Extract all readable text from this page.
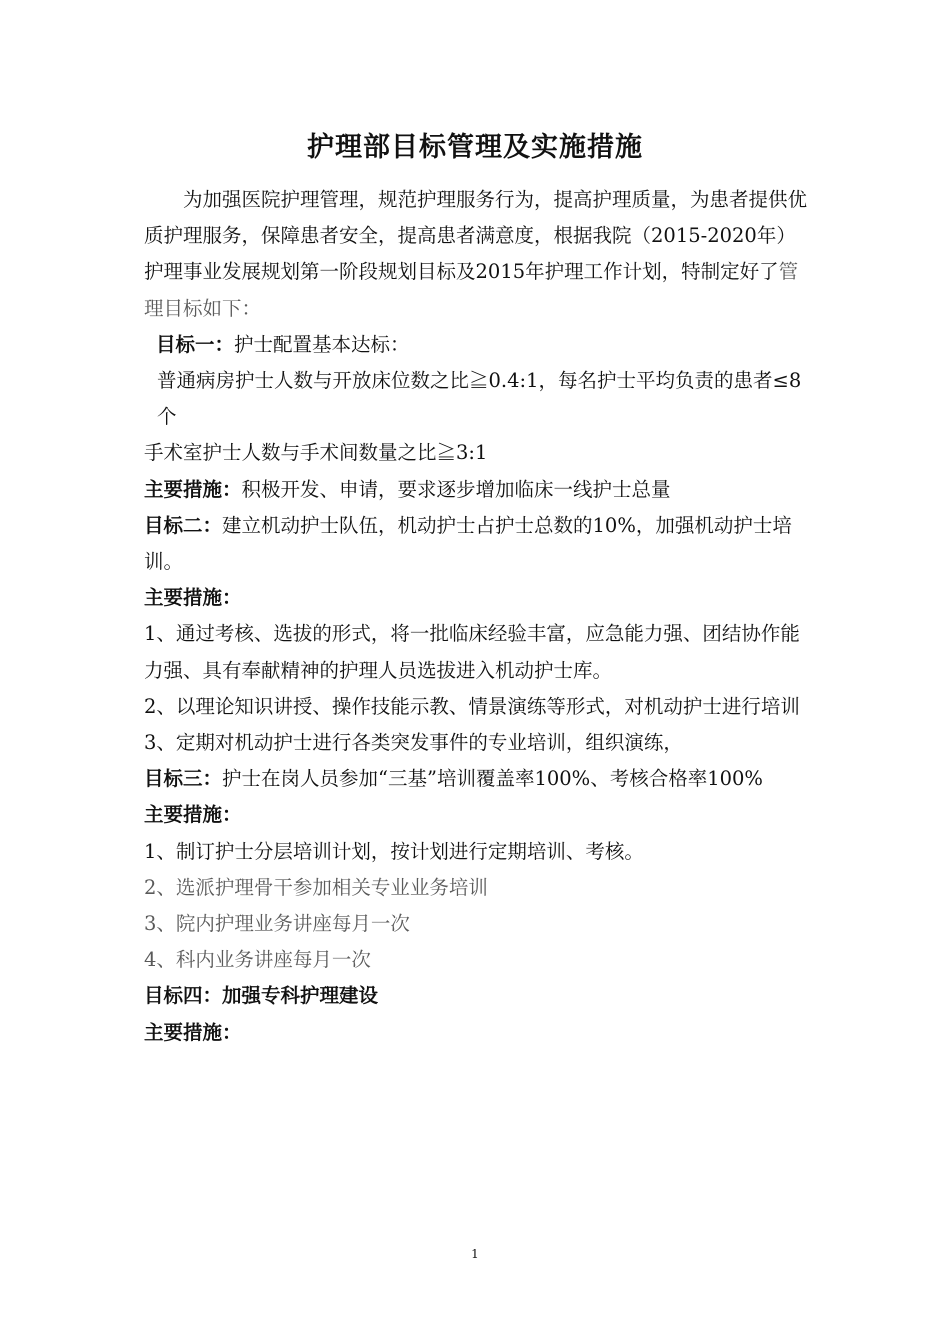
护理部目标管理及实施措施

为加强医院护理管理，规范护理服务行为，提高护理质量，为患者提供优质护理服务，保障患者安全，提高患者满意度，根据我院（2015-2020年）护理事业发展规划第一阶段规划目标及2015年护理工作计划，特制定好了管理目标如下：

目标一：护士配置基本达标：

普通病房护士人数与开放床位数之比≧0.4:1，每名护士平均负责的患者≤8个

手术室护士人数与手术间数量之比≧3:1

主要措施：积极开发、申请，要求逐步增加临床一线护士总量

目标二：建立机动护士队伍，机动护士占护士总数的10%，加强机动护士培训。

主要措施：

1、通过考核、选拔的形式，将一批临床经验丰富，应急能力强、团结协作能力强、具有奉献精神的护理人员选拔进入机动护士库。

2、以理论知识讲授、操作技能示教、情景演练等形式，对机动护士进行培训

3、定期对机动护士进行各类突发事件的专业培训，组织演练，

目标三：护士在岗人员参加“三基”培训覆盖率100%、考核合格率100%

主要措施：

1、制订护士分层培训计划，按计划进行定期培训、考核。

2、选派护理骨干参加相关专业业务培训

3、院内护理业务讲座每月一次

4、科内业务讲座每月一次

目标四：加强专科护理建设

主要措施：

1
